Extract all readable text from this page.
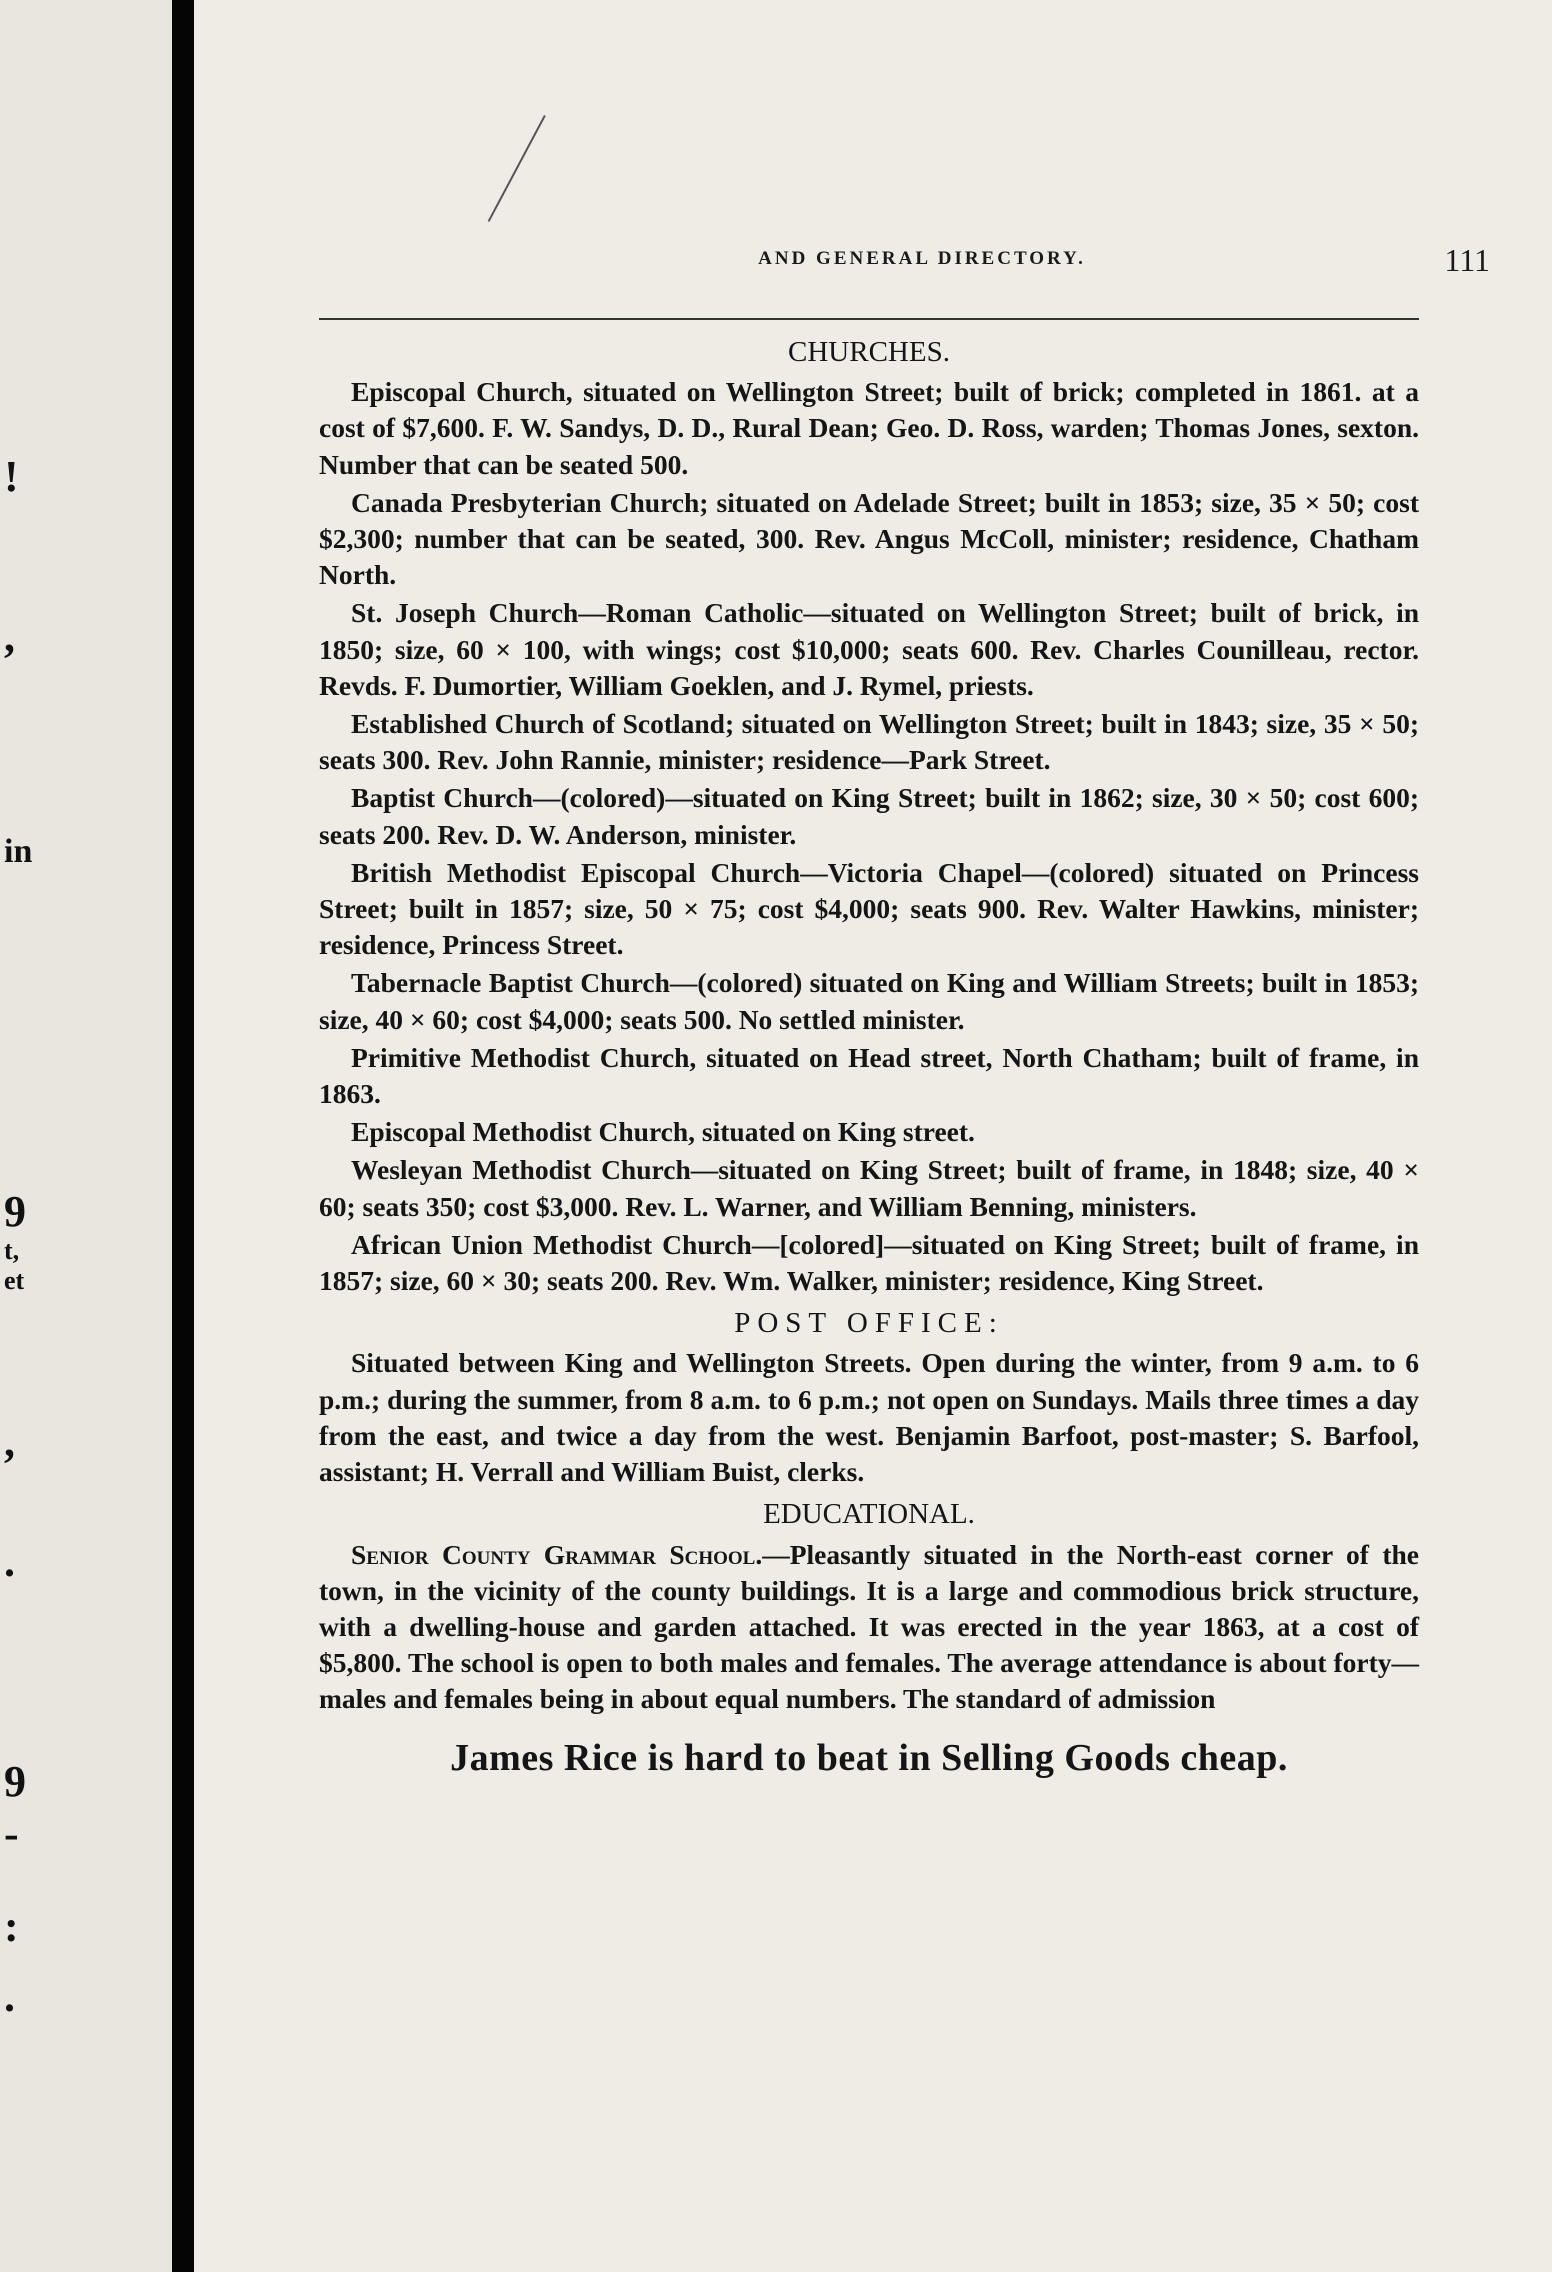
!
,
in
9
t,
et
,
.
9
-
:
.
AND GENERAL DIRECTORY.	111
CHURCHES.

Episcopal Church, situated on Wellington Street; built of brick; completed in 1861. at a cost of $7,600. F. W. Sandys, D. D., Rural Dean; Geo. D. Ross, warden; Thomas Jones, sexton. Number that can be seated 500.

Canada Presbyterian Church; situated on Adelade Street; built in 1853; size, 35 × 50; cost $2,300; number that can be seated, 300. Rev. Angus McColl, minister; residence, Chatham North.

St. Joseph Church—Roman Catholic—situated on Wellington Street; built of brick, in 1850; size, 60 × 100, with wings; cost $10,000; seats 600. Rev. Charles Counilleau, rector. Revds. F. Dumortier, William Goeklen, and J. Rymel, priests.

Established Church of Scotland; situated on Wellington Street; built in 1843; size, 35 × 50; seats 300. Rev. John Rannie, minister; residence—Park Street.

Baptist Church—(colored)—situated on King Street; built in 1862; size, 30 × 50; cost 600; seats 200. Rev. D. W. Anderson, minister.

British Methodist Episcopal Church—Victoria Chapel—(colored) situated on Princess Street; built in 1857; size, 50 × 75; cost $4,000; seats 900. Rev. Walter Hawkins, minister; residence, Princess Street.

Tabernacle Baptist Church—(colored) situated on King and William Streets; built in 1853; size, 40 × 60; cost $4,000; seats 500. No settled minister.

Primitive Methodist Church, situated on Head street, North Chatham; built of frame, in 1863.

Episcopal Methodist Church, situated on King street.

Wesleyan Methodist Church—situated on King Street; built of frame, in 1848; size, 40 × 60; seats 350; cost $3,000. Rev. L. Warner, and William Benning, ministers.

African Union Methodist Church—[colored]—situated on King Street; built of frame, in 1857; size, 60 × 30; seats 200. Rev. Wm. Walker, minister; residence, King Street.

POST OFFICE:

Situated between King and Wellington Streets. Open during the winter, from 9 a.m. to 6 p.m.; during the summer, from 8 a.m. to 6 p.m.; not open on Sundays. Mails three times a day from the east, and twice a day from the west. Benjamin Barfoot, post-master; S. Barfool, assistant; H. Verrall and William Buist, clerks.

EDUCATIONAL.

Senior County Grammar School.—Pleasantly situated in the North-east corner of the town, in the vicinity of the county buildings. It is a large and commodious brick structure, with a dwelling-house and garden attached. It was erected in the year 1863, at a cost of $5,800. The school is open to both males and females. The average attendance is about forty—males and females being in about equal numbers. The standard of admission

James Rice is hard to beat in Selling Goods cheap.
